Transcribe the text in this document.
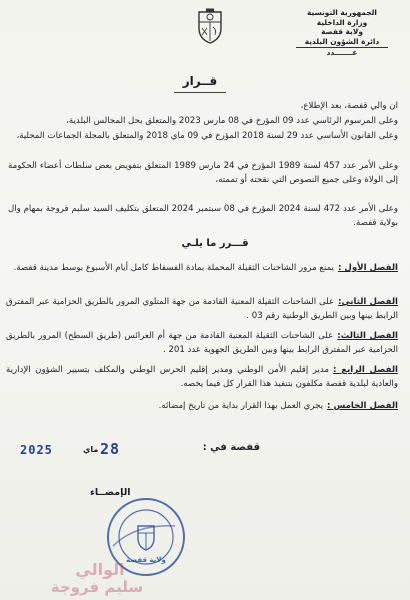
الجمهورية التونسية
وزارة الداخلية
ولاية قفصة
دائرة الشؤون البلدية
عـــــــدد
قــرار

ان والي قفصة، بعد الإطلاع،

وعلى المرسوم الرئاسي عدد 09 المؤرخ في 08 مارس 2023 والمتعلق بحل المجالس البلدية،

وعلى القانون الأساسي عدد 29 لسنة 2018 المؤرخ في 09 ماي 2018 والمتعلق بالمجلة الجماعات المحلية،

وعلى الأمر عدد 457 لسنة 1989 المؤرخ في 24 مارس 1989 المتعلق بتفويض بعض سلطات أعضاء الحكومة إلى الولاة وعلى جميع النصوص التي نقحته أو تممته،

وعلى الأمر عدد 472 لسنة 2024 المؤرخ في 08 سبتمبر 2024 المتعلق بتكليف السيد سليم فروجة بمهام وال بولاية قفصة.

قـــرر ما يلـي
الفصل الأول :يمنع مرور الشاحنات الثقيلة المحملة بمادة الفسفاط كامل أيام الأسبوع بوسط مدينة قفصة.
الفصل الثاني:على الشاحنات الثقيلة المعنية القادمة من جهة المتلوي المرور بالطريق الحزامية عبر المفترق الرابط بينها وبين الطريق الوطنية رقم 03 .
الفصل الثالث:على الشاحنات الثقيلة المعنية القادمة من جهة أم العرائس (طريق السطح) المرور بالطريق الحزامية عبر المفترق الرابط بينها وبين الطريق الجهوية عدد 201 .
الفصل الرابع :مدير إقليم الأمن الوطني ومدير إقليم الحرس الوطني والمكلف بتسيير الشؤون الإدارية والعادية لبلدية قفصة مكلفون بتنفيذ هذا القرار كل فيما يخصه.
الفصل الخامس :يجري العمل بهذا القرار بداية من تاريخ إمضائه.
قفصة في :
2025	ماي 28
الإمضــاء
ولاية قفصة
الوالي
سليم فروجة
